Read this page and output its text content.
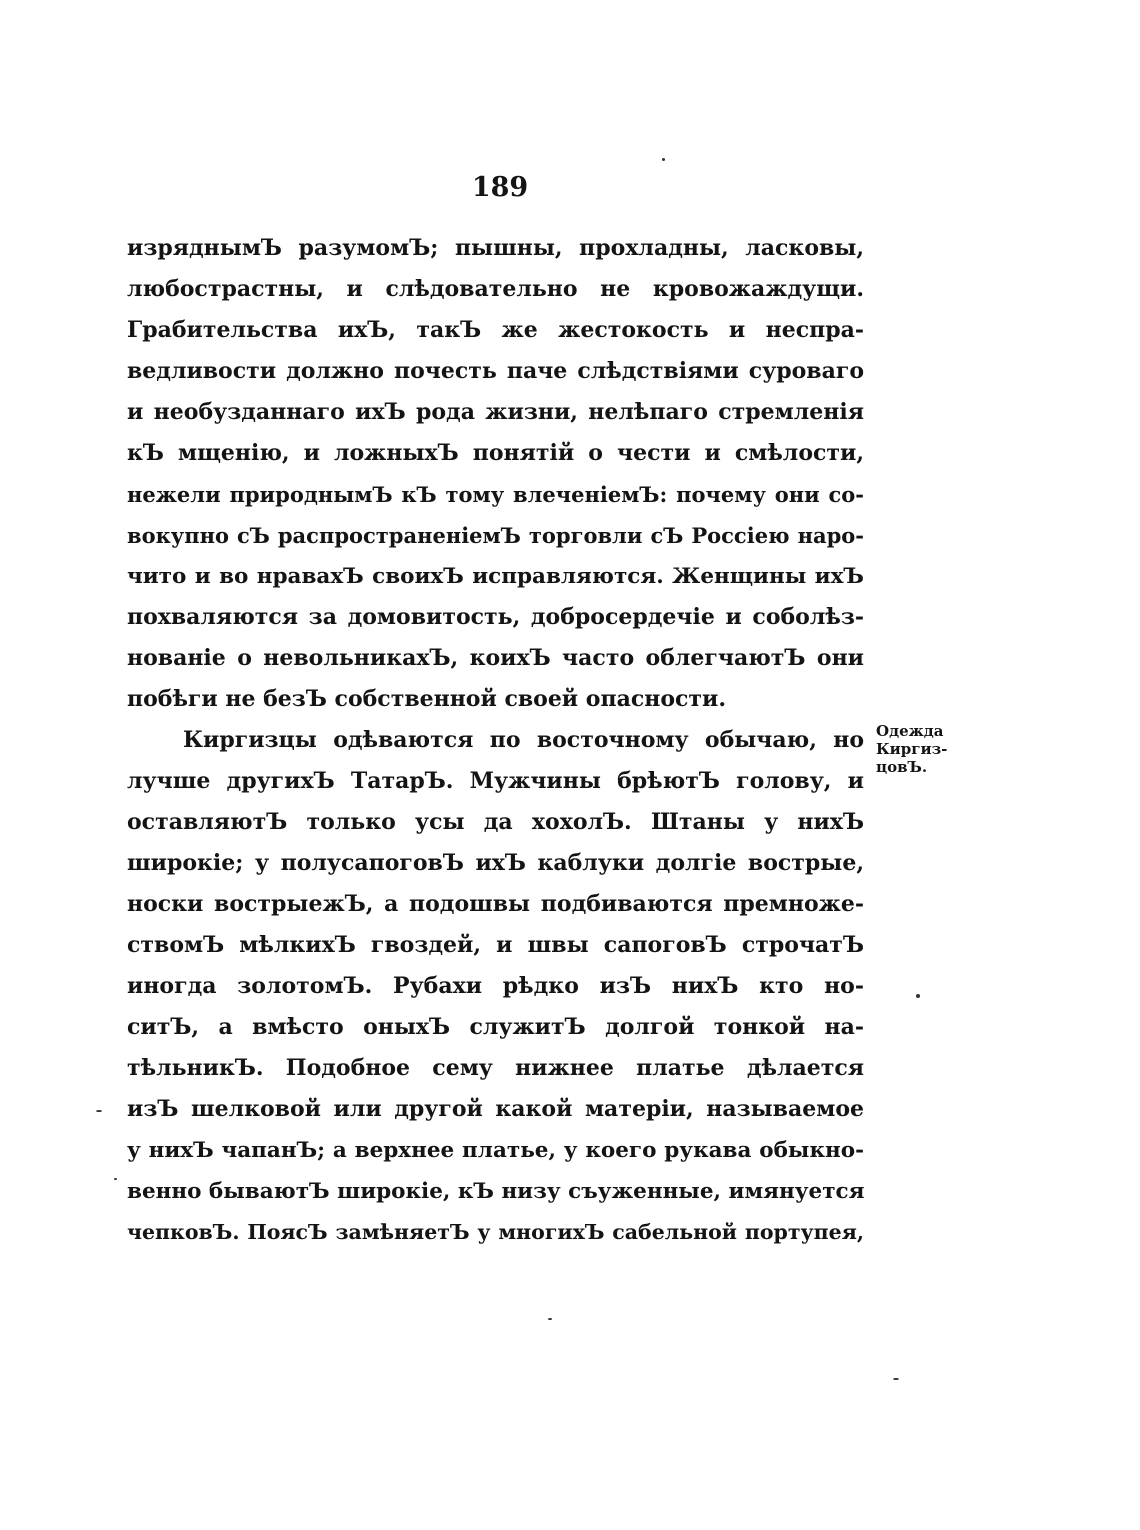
189
изряднымЪ разумомЪ; пышны, прохладны, ласковы,
любострастны, и слѣдовательно не кровожаждущи.
Грабительства ихЪ, такЪ же жестокость и неспра-
ведливости должно почесть паче слѣдствіями суроваго
и необузданнаго ихЪ рода жизни, нелѣпаго стремленія
кЪ мщенію, и ложныхЪ понятій о чести и смѣлости,
нежели природнымЪ кЪ тому влеченіемЪ: почему они со-
вокупно сЪ распространеніемЪ торговли сЪ Россіею наро-
чито и во нравахЪ своихЪ исправляются. Женщины ихЪ
похваляются за домовитость, добросердечіе и соболѣз-
нованіе о невольникахЪ, коихЪ часто облегчаютЪ они
побѣги не безЪ собственной своей опасности.
Киргизцы одѣваются по восточному обычаю, но
лучше другихЪ ТатарЪ. Мужчины брѣютЪ голову, и
оставляютЪ только усы да хохолЪ. Штаны у нихЪ
широкіе; у полусапоговЪ ихЪ каблуки долгіе вострые,
носки вострыежЪ, а подошвы подбиваются премноже-
ствомЪ мѣлкихЪ гвоздей, и швы сапоговЪ строчатЪ
иногда золотомЪ. Рубахи рѣдко изЪ нихЪ кто но-
ситЪ, а вмѣсто оныхЪ служитЪ долгой тонкой на-
тѣльникЪ. Подобное сему нижнее платье дѣлается
изЪ шелковой или другой какой матеріи, называемое
у нихЪ чапанЪ; а верхнее платье, у коего рукава обыкно-
венно бываютЪ широкіе, кЪ низу съуженные, имянуется
чепковЪ. ПоясЪ замѣняетЪ у многихЪ сабельной портупея,
Одежда
Киргиз-
цовЪ.
